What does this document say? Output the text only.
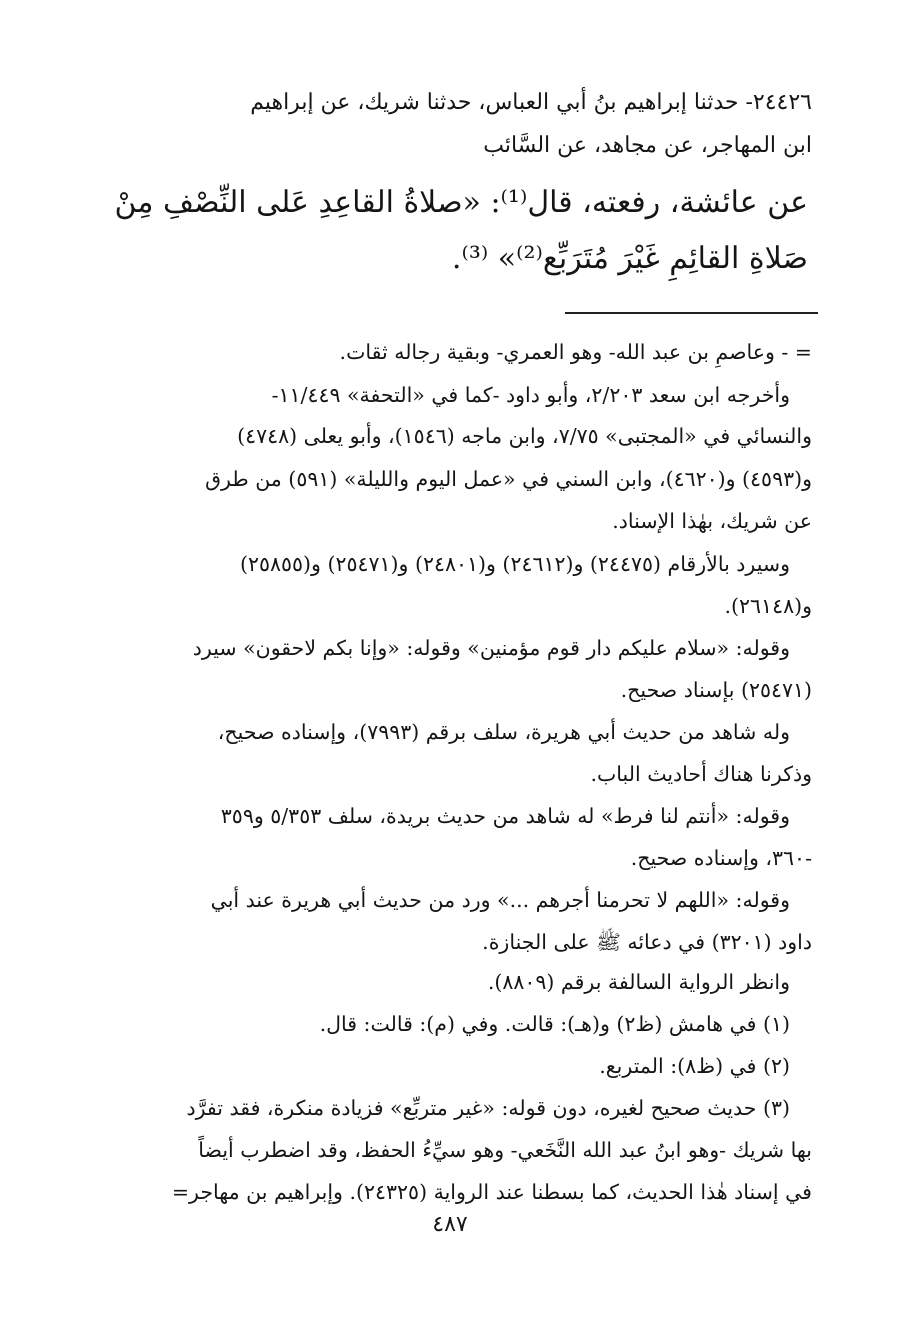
٢٤٤٢٦- حدثنا إبراهيم بنُ أبي العباس، حدثنا شريك، عن إبراهيم
ابن المهاجر، عن مجاهد، عن السَّائب
عن عائشة، رفعته، قال⁽¹⁾: «صلاةُ القاعِدِ عَلى النِّصْفِ مِنْ
صَلاةِ القائِمِ غَيْرَ مُتَرَبِّع⁽²⁾» ⁽³⁾.
= - وعاصمِ بن عبد الله- وهو العمري- وبقية رجاله ثقات.
وأخرجه ابن سعد ٢/٢٠٣، وأبو داود -كما في «التحفة» ١١/٤٤٩-
والنسائي في «المجتبى» ٧/٧٥، وابن ماجه (١٥٤٦)، وأبو يعلى (٤٧٤٨)
و(٤٥٩٣) و(٤٦٢٠)، وابن السني في «عمل اليوم والليلة» (٥٩١) من طرق
عن شريك، بهٰذا الإسناد.
وسيرد بالأرقام (٢٤٤٧٥) و(٢٤٦١٢) و(٢٤٨٠١) و(٢٥٤٧١) و(٢٥٨٥٥)
و(٢٦١٤٨).
وقوله: «سلام عليكم دار قوم مؤمنين» وقوله: «وإنا بكم لاحقون» سيرد
(٢٥٤٧١) بإسناد صحيح.
وله شاهد من حديث أبي هريرة، سلف برقم (٧٩٩٣)، وإسناده صحيح،
وذكرنا هناك أحاديث الباب.
وقوله: «أنتم لنا فرط» له شاهد من حديث بريدة، سلف ٥/٣٥٣ و٣٥٩
-٣٦٠، وإسناده صحيح.
وقوله: «اللهم لا تحرمنا أجرهم ...» ورد من حديث أبي هريرة عند أبي
داود (٣٢٠١) في دعائه ﷺ على الجنازة.
وانظر الرواية السالفة برقم (٨٨٠٩).
(١) في هامش (ظ٢) و(هـ): قالت. وفي (م): قالت: قال.
(٢) في (ظ٨): المتربع.
(٣) حديث صحيح لغيره، دون قوله: «غير متربِّع» فزيادة منكرة، فقد تفرَّد
بها شريك -وهو ابنُ عبد الله النَّخَعي- وهو سيِّءُ الحفظ، وقد اضطرب أيضاً
في إسناد هٰذا الحديث، كما بسطنا عند الرواية (٢٤٣٢٥). وإبراهيم بن مهاجر=
٤٨٧
